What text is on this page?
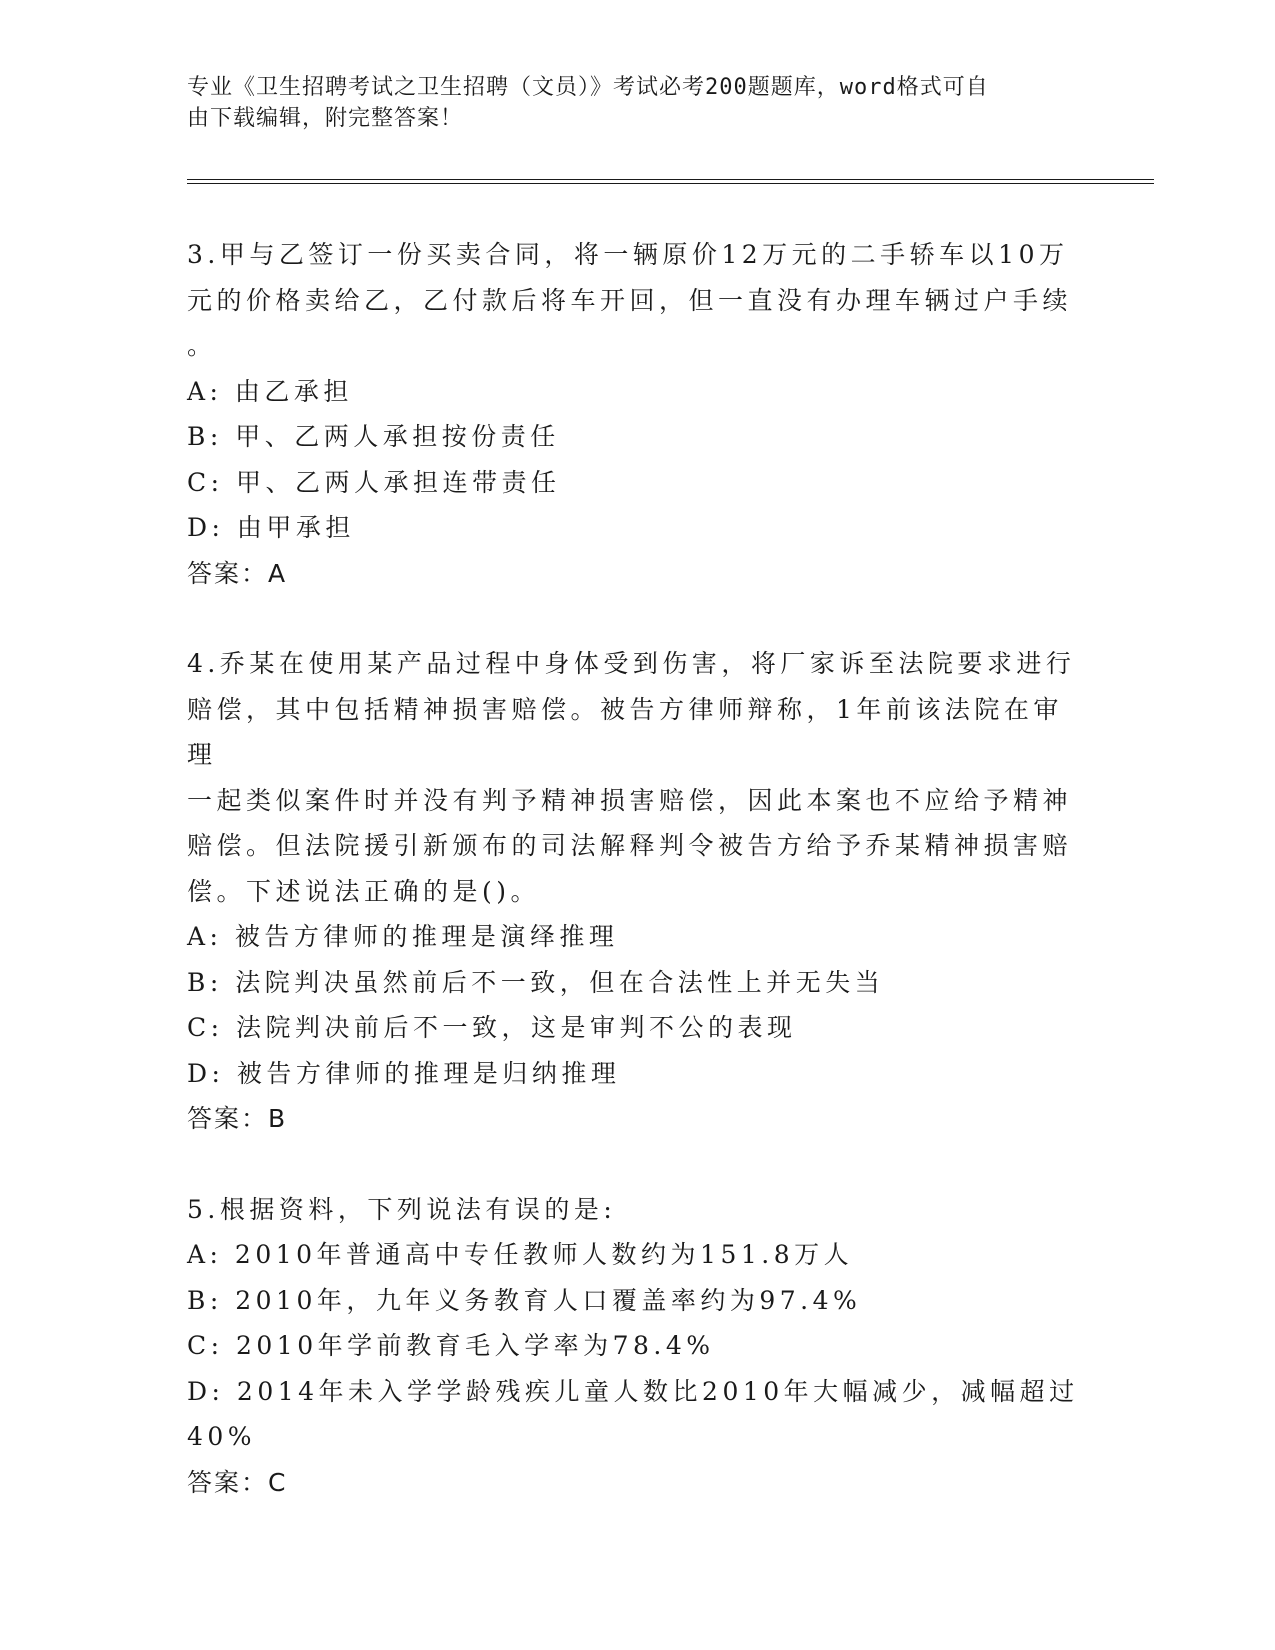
专业《卫生招聘考试之卫生招聘（文员）》考试必考200题题库，word格式可自
由下载编辑，附完整答案！
3.甲与乙签订一份买卖合同，将一辆原价12万元的二手轿车以10万
元的价格卖给乙，乙付款后将车开回，但一直没有办理车辆过户手续
。
A: 由乙承担
B: 甲、乙两人承担按份责任
C: 甲、乙两人承担连带责任
D: 由甲承担
答案：A
4.乔某在使用某产品过程中身体受到伤害，将厂家诉至法院要求进行
赔偿，其中包括精神损害赔偿。被告方律师辩称，1年前该法院在审理
一起类似案件时并没有判予精神损害赔偿，因此本案也不应给予精神
赔偿。但法院援引新颁布的司法解释判令被告方给予乔某精神损害赔
偿。下述说法正确的是()。
A: 被告方律师的推理是演绎推理
B: 法院判决虽然前后不一致，但在合法性上并无失当
C: 法院判决前后不一致，这是审判不公的表现
D: 被告方律师的推理是归纳推理
答案：B
5.根据资料，下列说法有误的是:
A: 2010年普通高中专任教师人数约为151.8万人
B: 2010年，九年义务教育人口覆盖率约为97.4%
C: 2010年学前教育毛入学率为78.4%
D: 2014年未入学学龄残疾儿童人数比2010年大幅减少，减幅超过
40%
答案：C
